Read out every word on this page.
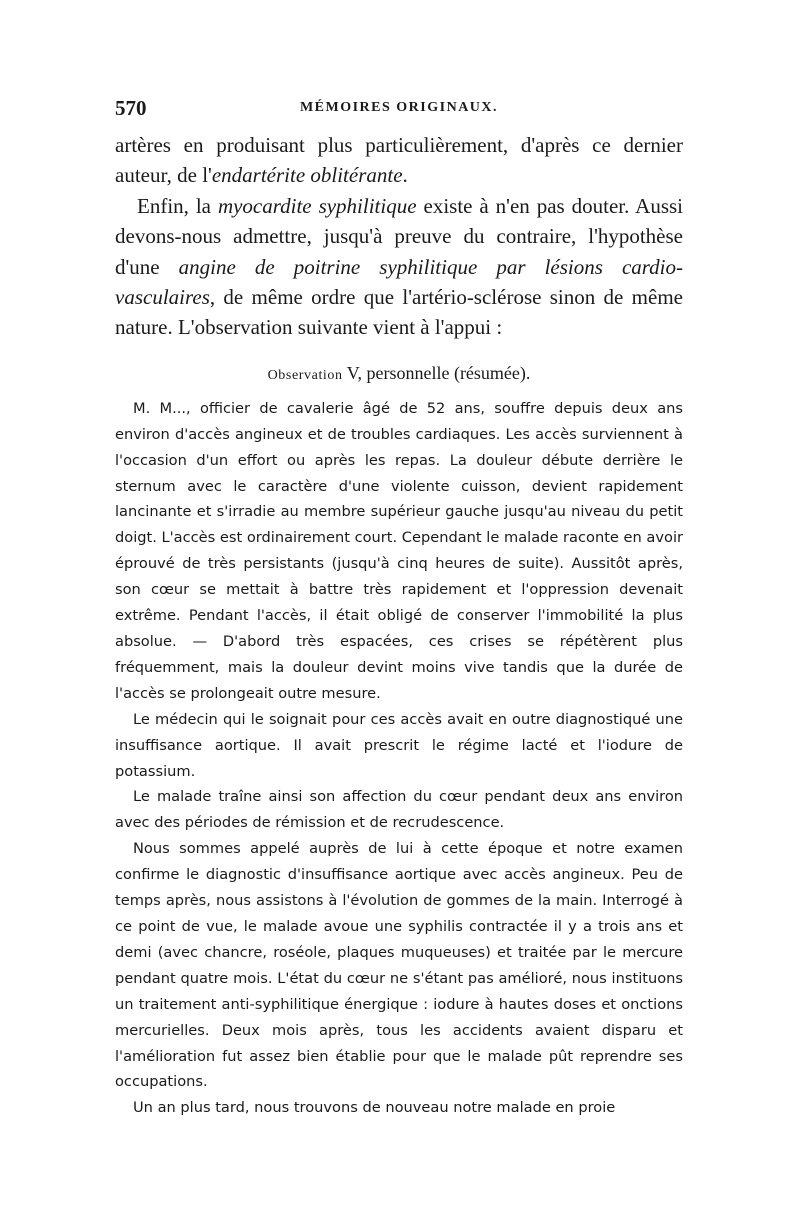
570	MÉMOIRES ORIGINAUX.

artères en produisant plus particulièrement, d'après ce dernier auteur, de l'endartérite oblitérante.

Enfin, la myocardite syphilitique existe à n'en pas douter. Aussi devons-nous admettre, jusqu'à preuve du contraire, l'hypothèse d'une angine de poitrine syphilitique par lésions cardio-vasculaires, de même ordre que l'artério-sclérose sinon de même nature. L'observation suivante vient à l'appui :

Observation V, personnelle (résumée).

M. M..., officier de cavalerie âgé de 52 ans, souffre depuis deux ans environ d'accès angineux et de troubles cardiaques. Les accès surviennent à l'occasion d'un effort ou après les repas. La douleur débute derrière le sternum avec le caractère d'une violente cuisson, devient rapidement lancinante et s'irradie au membre supérieur gauche jusqu'au niveau du petit doigt. L'accès est ordinairement court. Cependant le malade raconte en avoir éprouvé de très persistants (jusqu'à cinq heures de suite). Aussitôt après, son cœur se mettait à battre très rapidement et l'oppression devenait extrême. Pendant l'accès, il était obligé de conserver l'immobilité la plus absolue. — D'abord très espacées, ces crises se répétèrent plus fréquemment, mais la douleur devint moins vive tandis que la durée de l'accès se prolongeait outre mesure.

Le médecin qui le soignait pour ces accès avait en outre diagnostiqué une insuffisance aortique. Il avait prescrit le régime lacté et l'iodure de potassium.

Le malade traîne ainsi son affection du cœur pendant deux ans environ avec des périodes de rémission et de recrudescence.

Nous sommes appelé auprès de lui à cette époque et notre examen confirme le diagnostic d'insuffisance aortique avec accès angineux. Peu de temps après, nous assistons à l'évolution de gommes de la main. Interrogé à ce point de vue, le malade avoue une syphilis contractée il y a trois ans et demi (avec chancre, roséole, plaques muqueuses) et traitée par le mercure pendant quatre mois. L'état du cœur ne s'étant pas amélioré, nous instituons un traitement anti-syphilitique énergique : iodure à hautes doses et onctions mercurielles. Deux mois après, tous les accidents avaient disparu et l'amélioration fut assez bien établie pour que le malade pût reprendre ses occupations.

Un an plus tard, nous trouvons de nouveau notre malade en proie
